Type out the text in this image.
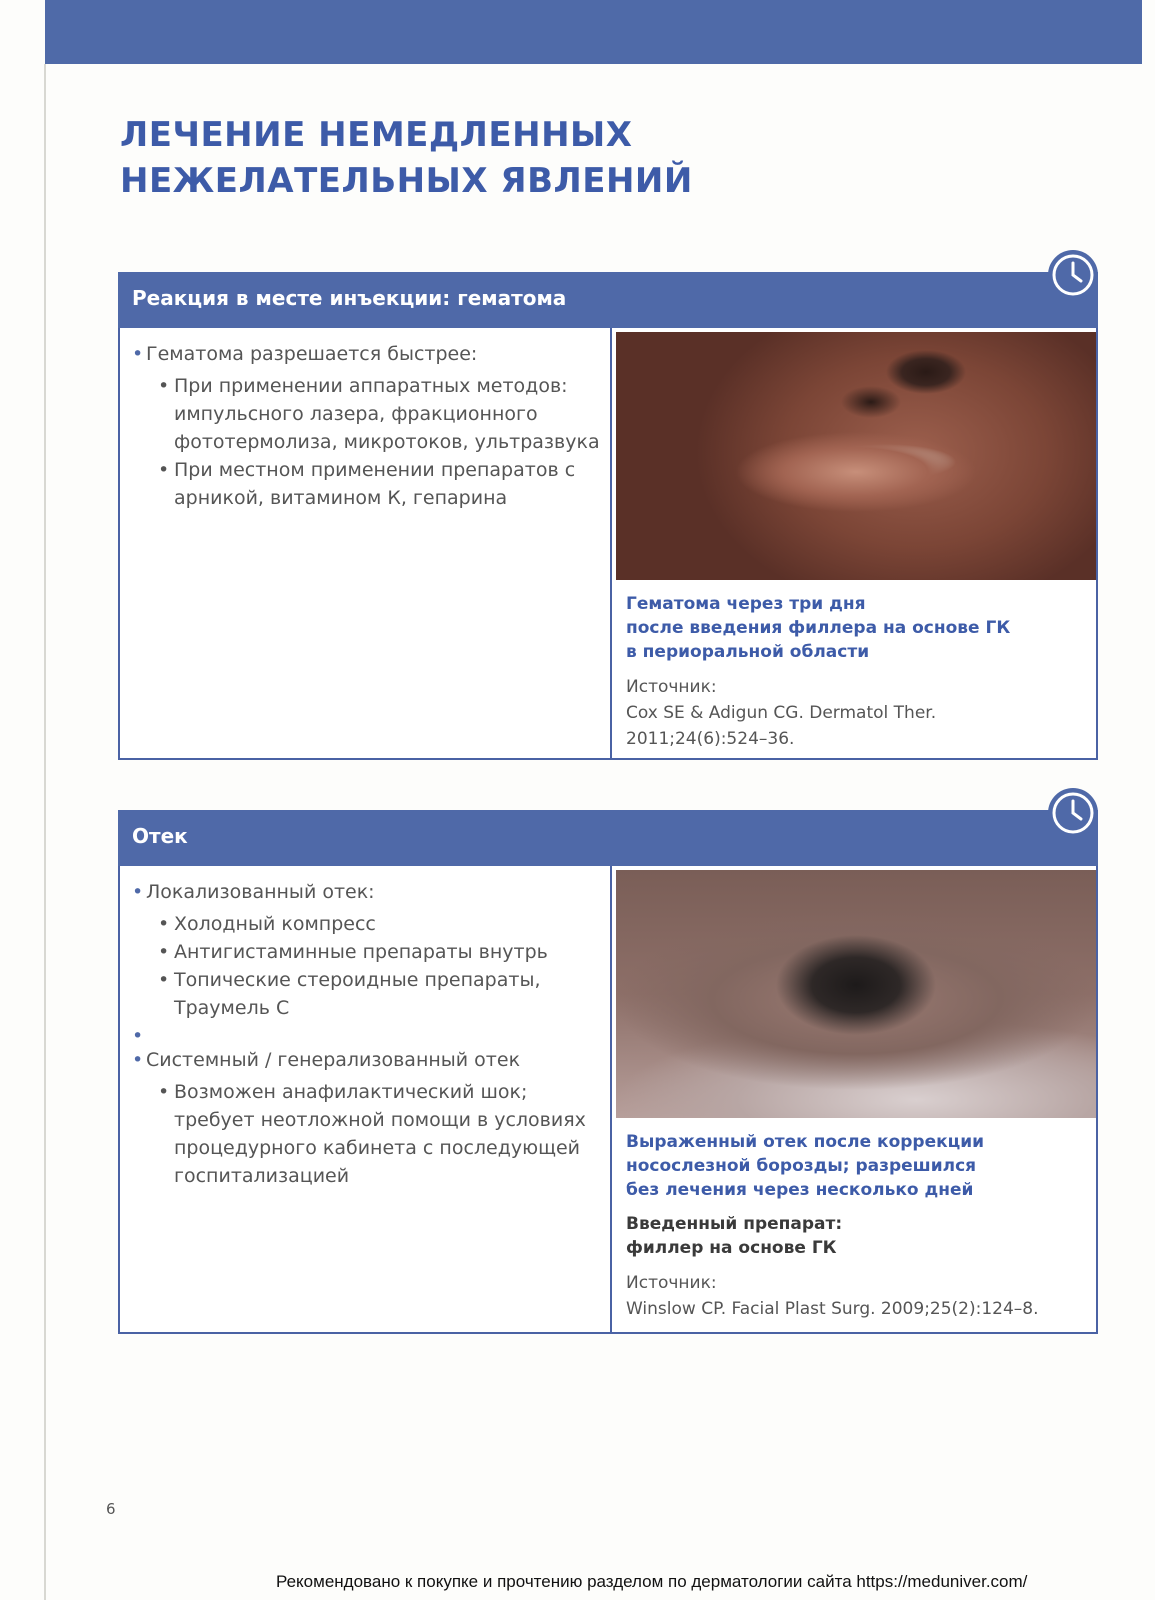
ЛЕЧЕНИЕ НЕМЕДЛЕННЫХ
НЕЖЕЛАТЕЛЬНЫХ ЯВЛЕНИЙ
Реакция в месте инъекции: гематома
• Гематома разрешается быстрее:
• При применении аппаратных методов: импульсного лазера, фракционного фототермолиза, микротоков, ультразвука
• При местном применении препаратов с арникой, витамином К, гепарина
Гематома через три дня
после введения филлера на основе ГК
в периоральной области
Источник:
Cox SE & Adigun CG. Dermatol Ther.
2011;24(6):524–36.
Отек
• Локализованный отек:
• Холодный компресс
• Антигистаминные препараты внутрь
• Топические стероидные препараты, Траумель С
•
• Системный / генерализованный отек
• Возможен анафилактический шок; требует неотложной помощи в условиях процедурного кабинета с последующей госпитализацией
Выраженный отек после коррекции
носослезной борозды; разрешился
без лечения через несколько дней
Введенный препарат:
филлер на основе ГК
Источник:
Winslow CP. Facial Plast Surg. 2009;25(2):124–8.
6
Рекомендовано к покупке и прочтению разделом по дерматологии сайта https://meduniver.com/
